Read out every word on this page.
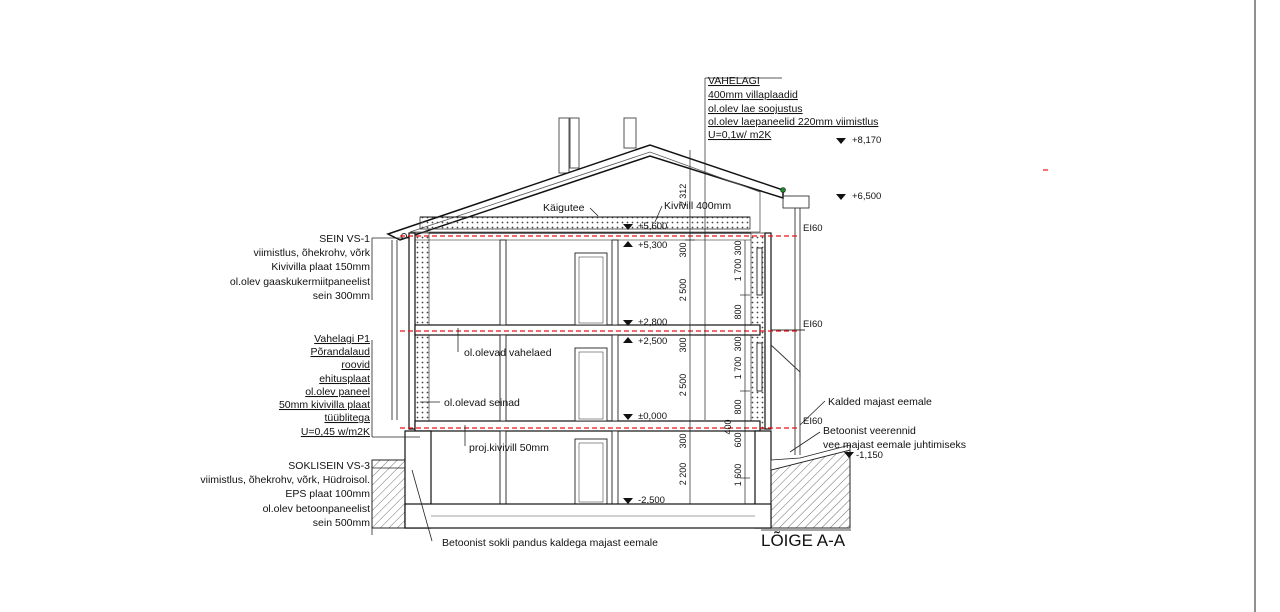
VAHELAGI
400mm villaplaadid
ol.olev lae soojustus
ol.olev laepaneelid 220mm viimistlus
U=0,1w/ m2K
SEIN VS-1
viimistlus, õhekrohv, võrk
Kivivilla plaat 150mm
ol.olev gaaskukermiitpaneelist
sein 300mm
Vahelagi P1
Põrandalaud
roovid
ehitusplaat
ol.olev paneel
50mm kivivilla plaat
tüüblitega
U=0,45 w/m2K
SOKLISEIN VS-3
viimistlus, õhekrohv, võrk, Hüdroisol.
EPS plaat 100mm
ol.olev betoonpaneelist
sein 500mm
Käigutee	Kivivill 400mm
ol.olevad vahelaed
ol.olevad seinad
proj.kivivill 50mm
Kalded majast eemale
Betoonist veerennid
vee majast eemale juhtimiseks
Betoonist sokli pandus kaldega majast eemale
EI60
EI60
EI60
+8,170
+6,500
+5,600
+5,300
+2,800
+2,500
±0,000
-1,150
-2,500
2 312
300
2 500
300
2 500
300
2 200
300
1 700
800
300
1 700
800
400
600
1 600
LÕIGE A-A
